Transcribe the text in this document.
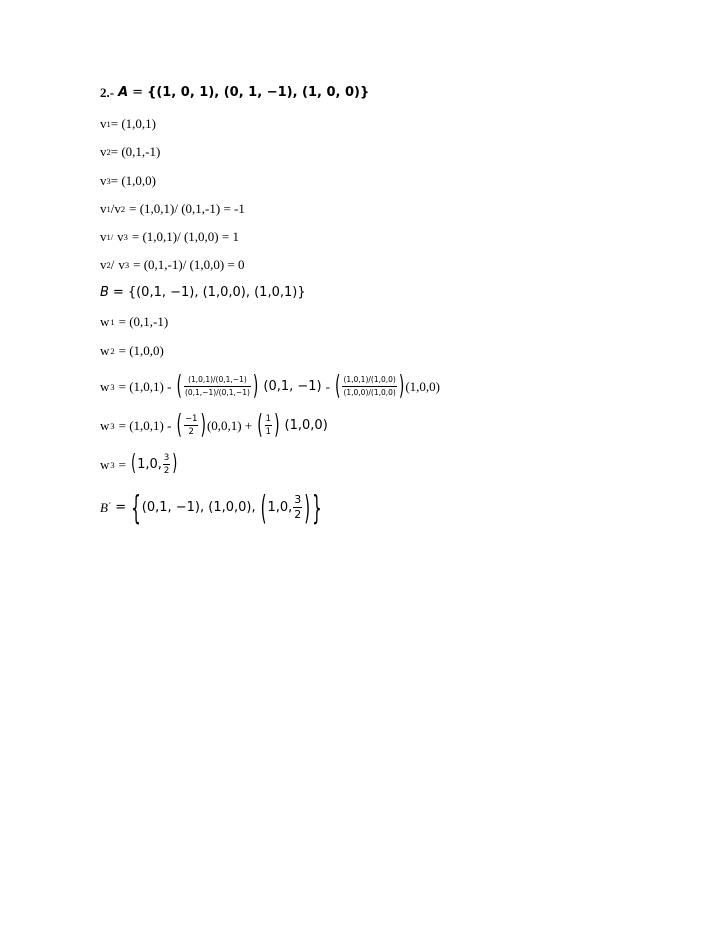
2.- A = {(1, 0, 1), (0, 1, −1), (1, 0, 0)}
v 1 = (1,0,1)
v 2 = (0,1,-1)
v 3 = (1,0,0)
v 1 / v 2 = (1,0,1)/ (0,1,-1) = -1
v 1/ v 3 = (1,0,1)/ (1,0,0) = 1
v 2 / v 3 = (0,1,-1)/ (1,0,0) = 0
B = {(0,1, −1), (1,0,0), (1,0,1)}
w 1 = (0,1,-1)
w 2 = (1,0,0)
w 3 = (1,0,1) - ( $\frac{(1,0,1)/(0,1,-1)}{(0,1,-1)/(0,1,-1)}$ ) (0,1, −1) - ( $\frac{(1,0,1)/(1,0,0)}{(1,0,0)/(1,0,0)}$ ) (1,0,0)
w 3 = (1,0,1) - ( $\frac{-1}{2}$ ) (0,0,1) + ( $\frac{1}{1}$ ) (1,0,0)
w 3 = ( 1,0, $\frac{3}{2}$ )
B ´ = { (0,1, −1), (1,0,0), ( 1,0, $\frac{3}{2}$ ) }
